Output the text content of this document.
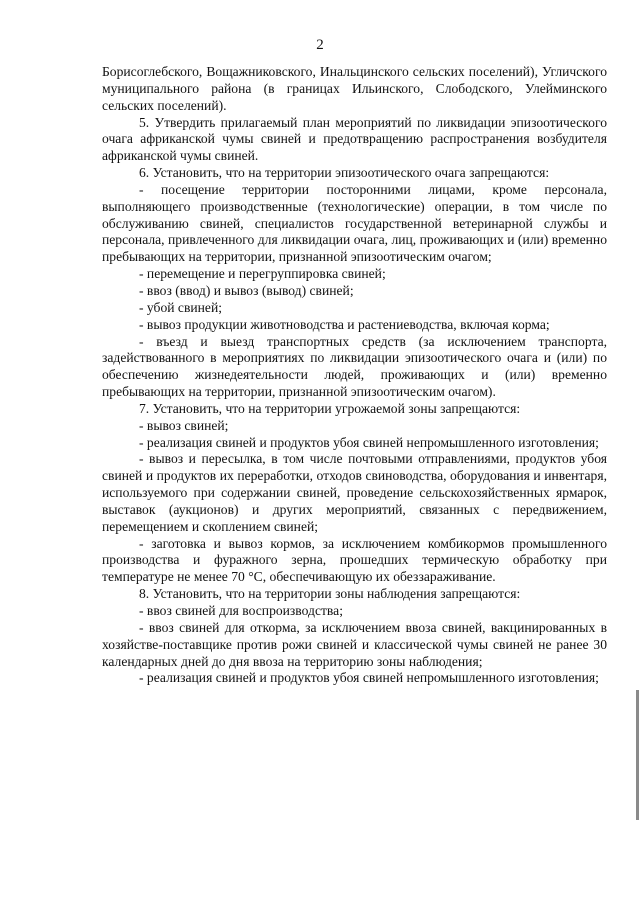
2

Борисоглебского, Вощажниковского, Инальцинского сельских поселений), Угличского муниципального района (в границах Ильинского, Слободского, Улейминского сельских поселений).

5. Утвердить прилагаемый план мероприятий по ликвидации эпизоотического очага африканской чумы свиней и предотвращению распространения возбудителя африканской чумы свиней.

6. Установить, что на территории эпизоотического очага запрещаются:

- посещение территории посторонними лицами, кроме персонала, выполняющего производственные (технологические) операции, в том числе по обслуживанию свиней, специалистов государственной ветеринарной службы и персонала, привлеченного для ликвидации очага, лиц, проживающих и (или) временно пребывающих на территории, признанной эпизоотическим очагом;

- перемещение и перегруппировка свиней;

- ввоз (ввод) и вывоз (вывод) свиней;

- убой свиней;

- вывоз продукции животноводства и растениеводства, включая корма;

- въезд и выезд транспортных средств (за исключением транспорта, задействованного в мероприятиях по ликвидации эпизоотического очага и (или) по обеспечению жизнедеятельности людей, проживающих и (или) временно пребывающих на территории, признанной эпизоотическим очагом).

7. Установить, что на территории угрожаемой зоны запрещаются:

- вывоз свиней;

- реализация свиней и продуктов убоя свиней непромышленного изготовления;

- вывоз и пересылка, в том числе почтовыми отправлениями, продуктов убоя свиней и продуктов их переработки, отходов свиноводства, оборудования и инвентаря, используемого при содержании свиней, проведение сельскохозяйственных ярмарок, выставок (аукционов) и других мероприятий, связанных с передвижением, перемещением и скоплением свиней;

- заготовка и вывоз кормов, за исключением комбикормов промышленного производства и фуражного зерна, прошедших термическую обработку при температуре не менее 70 °C, обеспечивающую их обеззараживание.

8. Установить, что на территории зоны наблюдения запрещаются:

- ввоз свиней для воспроизводства;

- ввоз свиней для откорма, за исключением ввоза свиней, вакцинированных в хозяйстве-поставщике против рожи свиней и классической чумы свиней не ранее 30 календарных дней до дня ввоза на территорию зоны наблюдения;

- реализация свиней и продуктов убоя свиней непромышленного изготовления;
